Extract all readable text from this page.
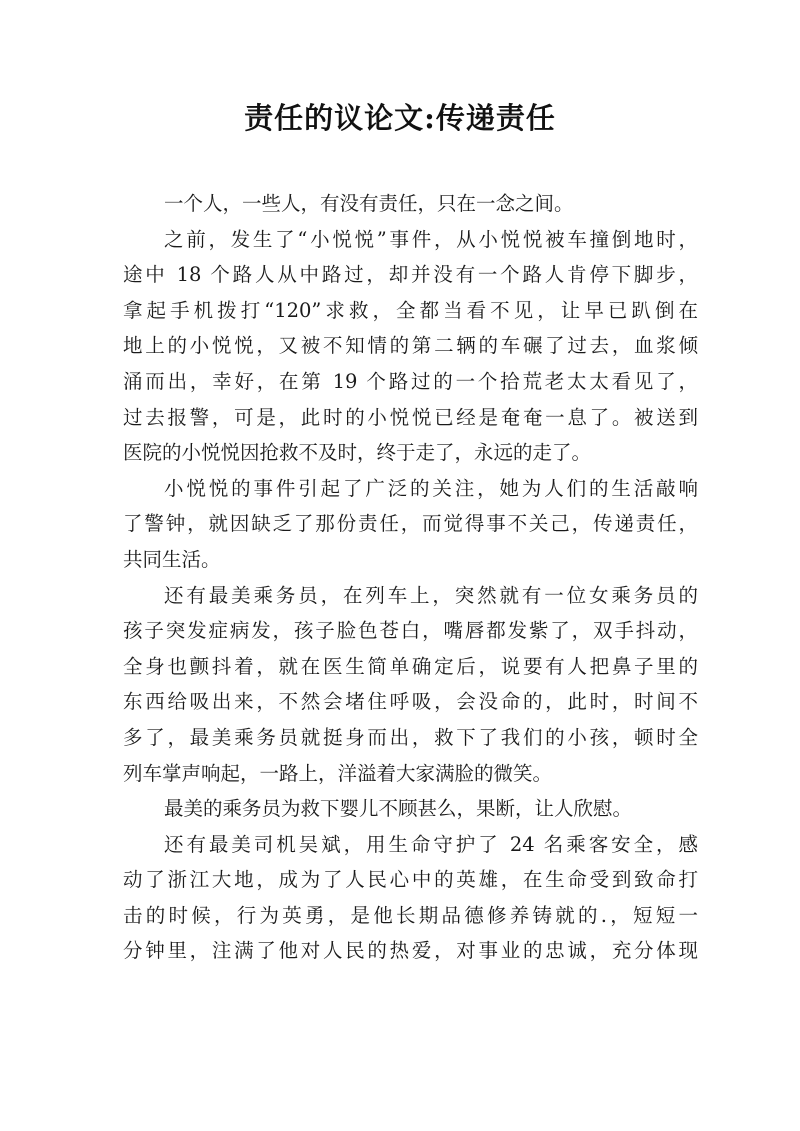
责任的议论文:传递责任
一个人，一些人，有没有责任，只在一念之间。
之前，发生了“小悦悦”事件，从小悦悦被车撞倒地时，
途中 18 个路人从中路过，却并没有一个路人肯停下脚步，
拿起手机拨打“120”求救，全都当看不见，让早已趴倒在
地上的小悦悦，又被不知情的第二辆的车碾了过去，血浆倾
涌而出，幸好，在第 19 个路过的一个拾荒老太太看见了，
过去报警，可是，此时的小悦悦已经是奄奄一息了。被送到
医院的小悦悦因抢救不及时，终于走了，永远的走了。
小悦悦的事件引起了广泛的关注，她为人们的生活敲响
了警钟，就因缺乏了那份责任，而觉得事不关己，传递责任，
共同生活。
还有最美乘务员，在列车上，突然就有一位女乘务员的
孩子突发症病发，孩子脸色苍白，嘴唇都发紫了，双手抖动，
全身也颤抖着，就在医生简单确定后，说要有人把鼻子里的
东西给吸出来，不然会堵住呼吸，会没命的，此时，时间不
多了，最美乘务员就挺身而出，救下了我们的小孩，顿时全
列车掌声响起，一路上，洋溢着大家满脸的微笑。
最美的乘务员为救下婴儿不顾甚么，果断，让人欣慰。
还有最美司机吴斌，用生命守护了 24 名乘客安全，感
动了浙江大地，成为了人民心中的英雄，在生命受到致命打
击的时候，行为英勇，是他长期品德修养铸就的.，短短一
分钟里，注满了他对人民的热爱，对事业的忠诚，充分体现
